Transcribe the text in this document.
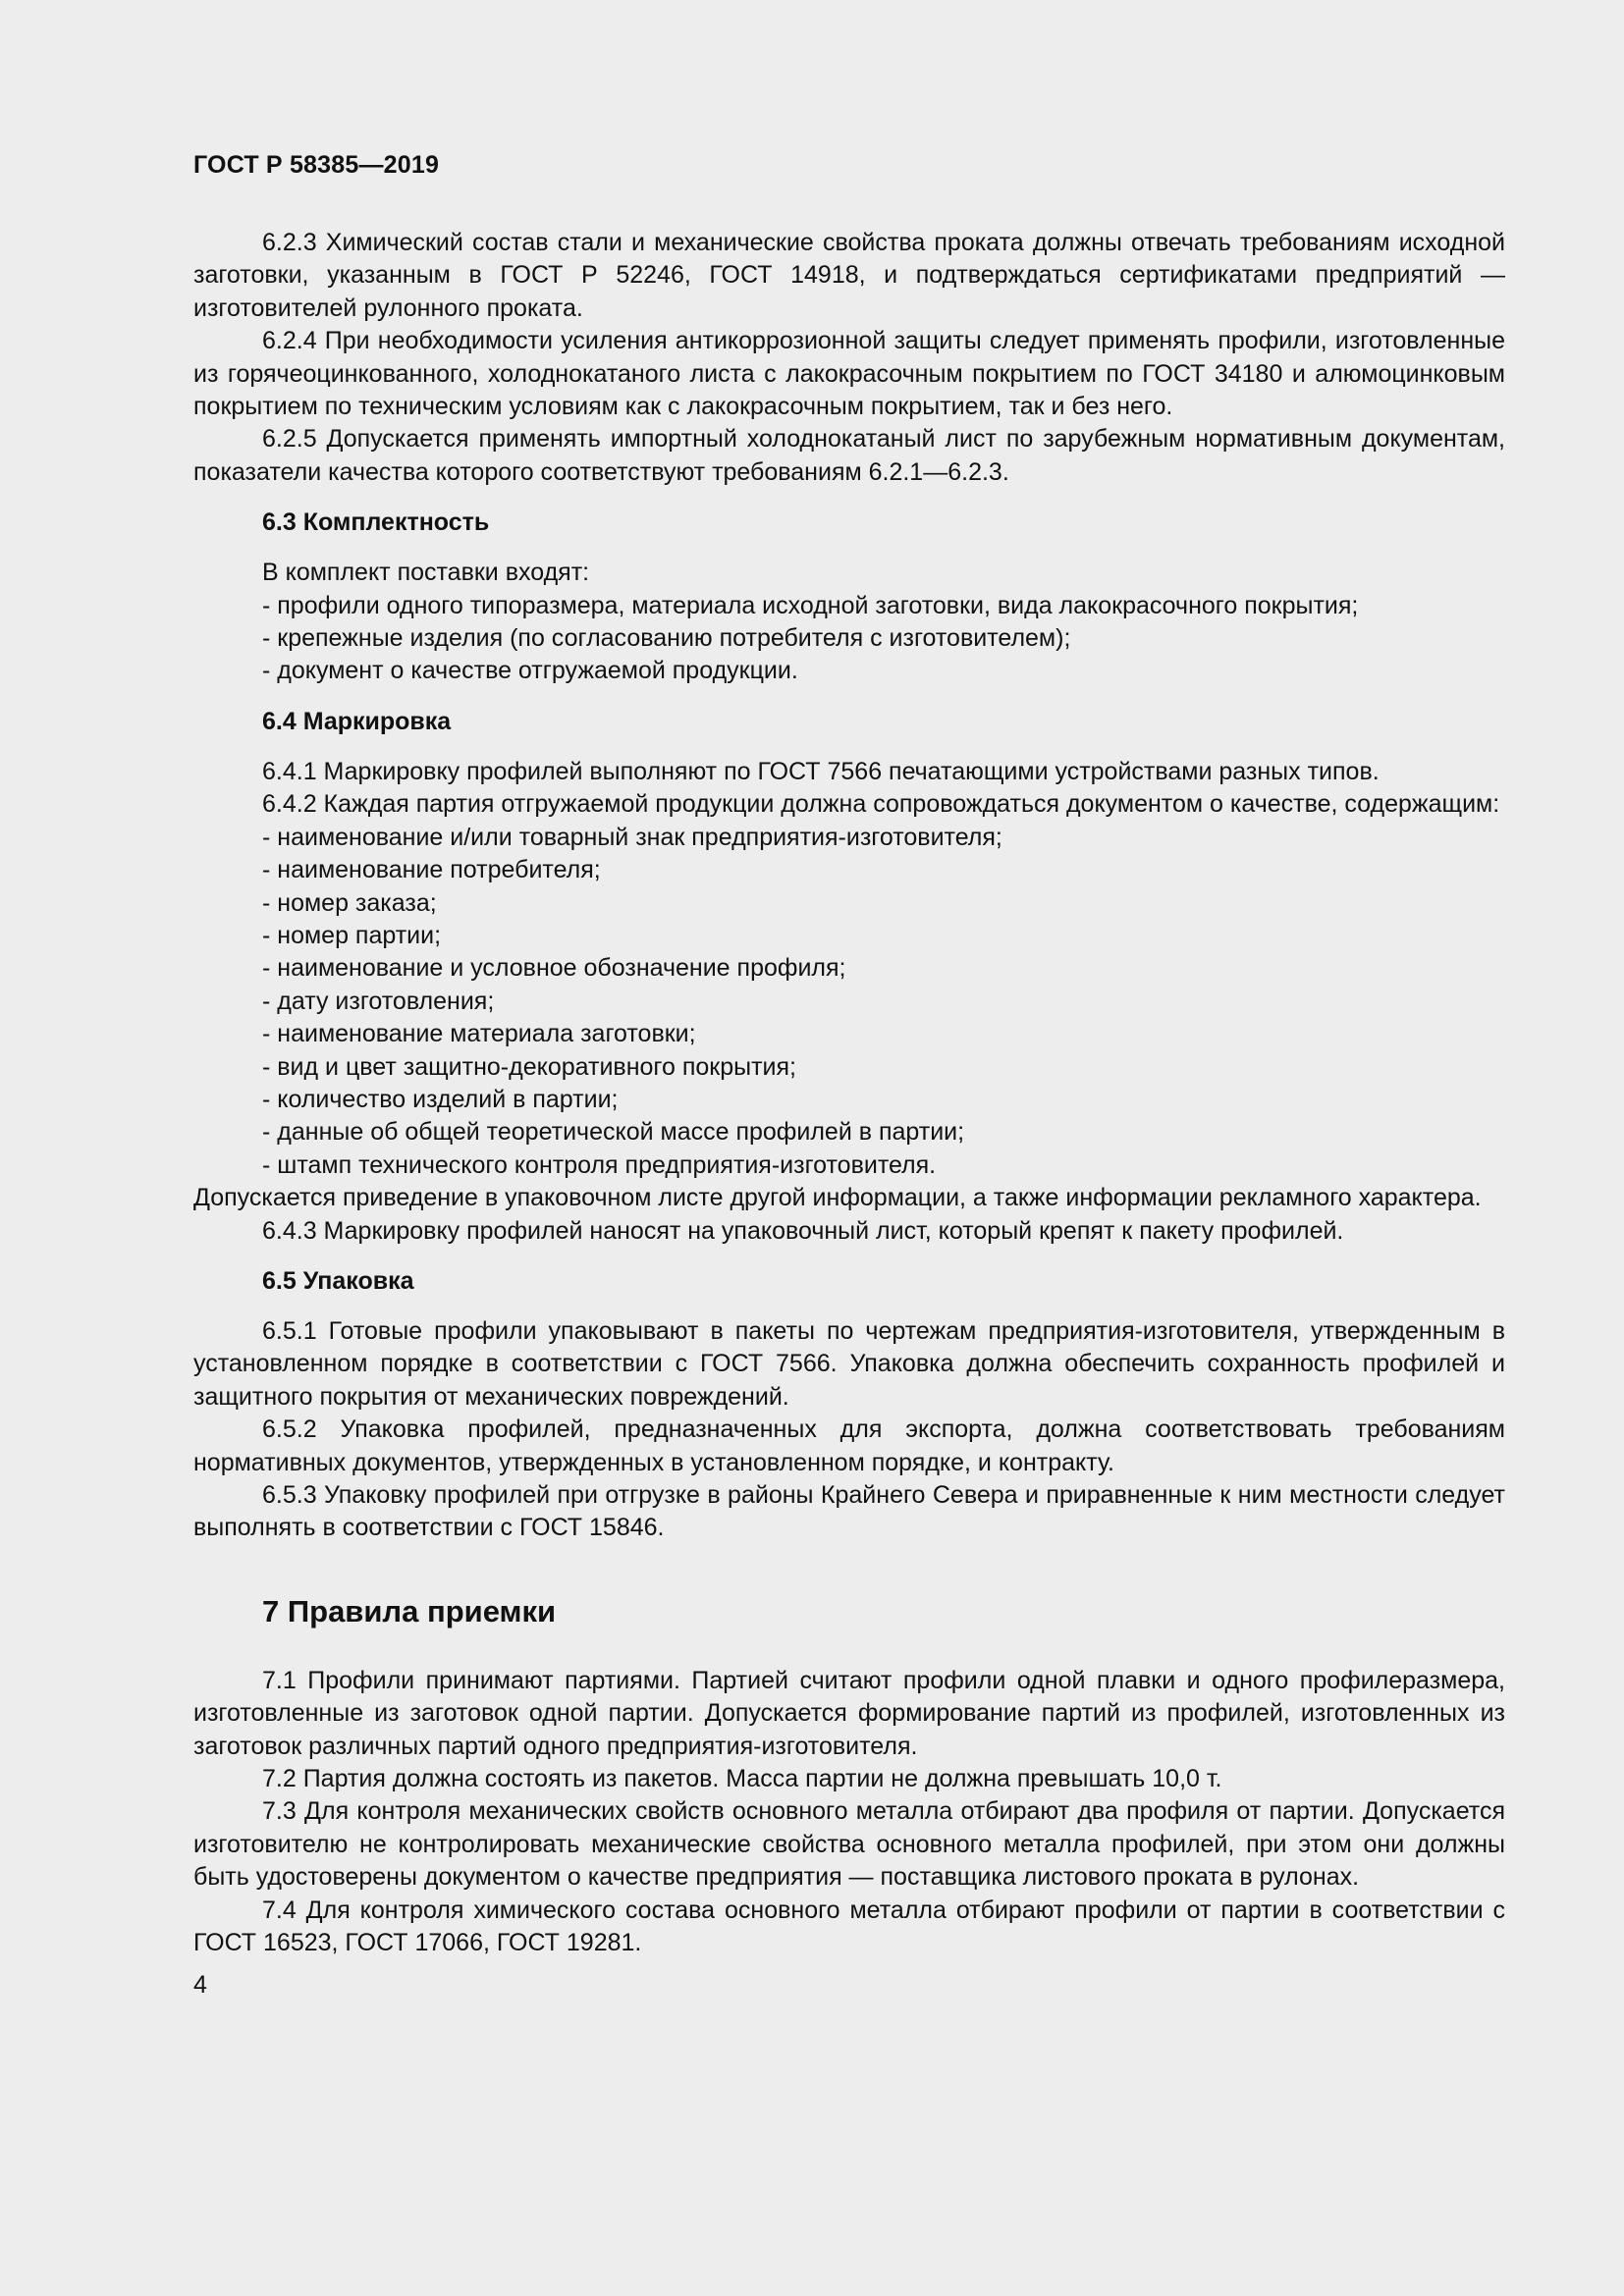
ГОСТ Р 58385—2019

6.2.3 Химический состав стали и механические свойства проката должны отвечать требованиям исходной заготовки, указанным в ГОСТ Р 52246, ГОСТ 14918, и подтверждаться сертификатами предприятий — изготовителей рулонного проката.

6.2.4 При необходимости усиления антикоррозионной защиты следует применять профили, изготовленные из горячеоцинкованного, холоднокатаного листа с лакокрасочным покрытием по ГОСТ 34180 и алюмоцинковым покрытием по техническим условиям как с лакокрасочным покрытием, так и без него.

6.2.5 Допускается применять импортный холоднокатаный лист по зарубежным нормативным документам, показатели качества которого соответствуют требованиям 6.2.1—6.2.3.

6.3 Комплектность
В комплект поставки входят:
- профили одного типоразмера, материала исходной заготовки, вида лакокрасочного покрытия;
- крепежные изделия (по согласованию потребителя с изготовителем);
- документ о качестве отгружаемой продукции.
6.4 Маркировка

6.4.1 Маркировку профилей выполняют по ГОСТ 7566 печатающими устройствами разных типов.

6.4.2 Каждая партия отгружаемой продукции должна сопровождаться документом о качестве, содержащим:

- наименование и/или товарный знак предприятия-изготовителя;
- наименование потребителя;
- номер заказа;
- номер партии;
- наименование и условное обозначение профиля;
- дату изготовления;
- наименование материала заготовки;
- вид и цвет защитно-декоративного покрытия;
- количество изделий в партии;
- данные об общей теоретической массе профилей в партии;
- штамп технического контроля предприятия-изготовителя.

Допускается приведение в упаковочном листе другой информации, а также информации рекламного характера.

6.4.3 Маркировку профилей наносят на упаковочный лист, который крепят к пакету профилей.

6.5 Упаковка

6.5.1 Готовые профили упаковывают в пакеты по чертежам предприятия-изготовителя, утвержденным в установленном порядке в соответствии с ГОСТ 7566. Упаковка должна обеспечить сохранность профилей и защитного покрытия от механических повреждений.

6.5.2 Упаковка профилей, предназначенных для экспорта, должна соответствовать требованиям нормативных документов, утвержденных в установленном порядке, и контракту.

6.5.3 Упаковку профилей при отгрузке в районы Крайнего Севера и приравненные к ним местности следует выполнять в соответствии с ГОСТ 15846.

7 Правила приемки

7.1 Профили принимают партиями. Партией считают профили одной плавки и одного профилеразмера, изготовленные из заготовок одной партии. Допускается формирование партий из профилей, изготовленных из заготовок различных партий одного предприятия-изготовителя.

7.2 Партия должна состоять из пакетов. Масса партии не должна превышать 10,0 т.

7.3 Для контроля механических свойств основного металла отбирают два профиля от партии. Допускается изготовителю не контролировать механические свойства основного металла профилей, при этом они должны быть удостоверены документом о качестве предприятия — поставщика листового проката в рулонах.

7.4 Для контроля химического состава основного металла отбирают профили от партии в соответствии с ГОСТ 16523, ГОСТ 17066, ГОСТ 19281.

4
